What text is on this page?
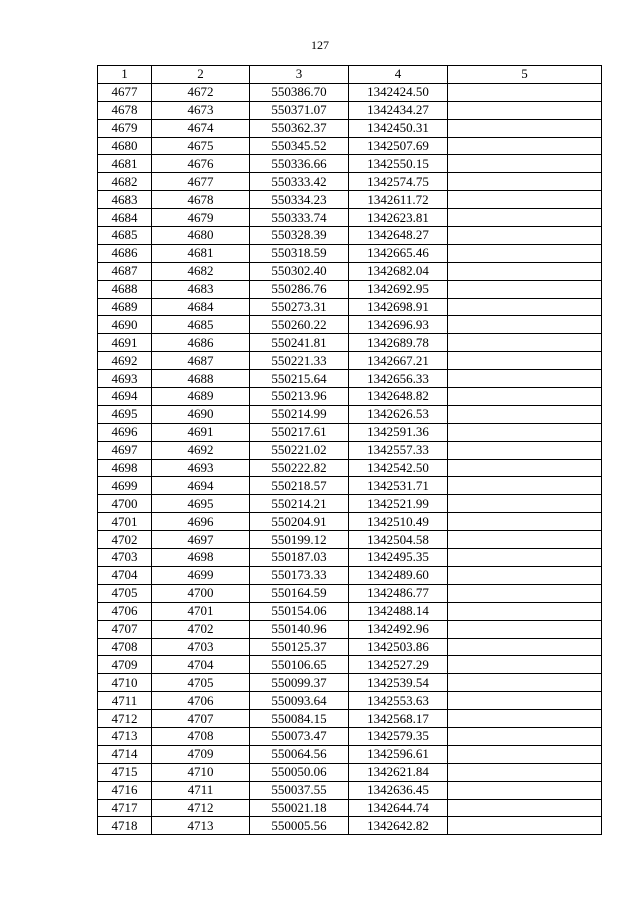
127
1	2	3	4	5
4677	4672	550386.70	1342424.50	
4678	4673	550371.07	1342434.27	
4679	4674	550362.37	1342450.31	
4680	4675	550345.52	1342507.69	
4681	4676	550336.66	1342550.15	
4682	4677	550333.42	1342574.75	
4683	4678	550334.23	1342611.72	
4684	4679	550333.74	1342623.81	
4685	4680	550328.39	1342648.27	
4686	4681	550318.59	1342665.46	
4687	4682	550302.40	1342682.04	
4688	4683	550286.76	1342692.95	
4689	4684	550273.31	1342698.91	
4690	4685	550260.22	1342696.93	
4691	4686	550241.81	1342689.78	
4692	4687	550221.33	1342667.21	
4693	4688	550215.64	1342656.33	
4694	4689	550213.96	1342648.82	
4695	4690	550214.99	1342626.53	
4696	4691	550217.61	1342591.36	
4697	4692	550221.02	1342557.33	
4698	4693	550222.82	1342542.50	
4699	4694	550218.57	1342531.71	
4700	4695	550214.21	1342521.99	
4701	4696	550204.91	1342510.49	
4702	4697	550199.12	1342504.58	
4703	4698	550187.03	1342495.35	
4704	4699	550173.33	1342489.60	
4705	4700	550164.59	1342486.77	
4706	4701	550154.06	1342488.14	
4707	4702	550140.96	1342492.96	
4708	4703	550125.37	1342503.86	
4709	4704	550106.65	1342527.29	
4710	4705	550099.37	1342539.54	
4711	4706	550093.64	1342553.63	
4712	4707	550084.15	1342568.17	
4713	4708	550073.47	1342579.35	
4714	4709	550064.56	1342596.61	
4715	4710	550050.06	1342621.84	
4716	4711	550037.55	1342636.45	
4717	4712	550021.18	1342644.74	
4718	4713	550005.56	1342642.82	
